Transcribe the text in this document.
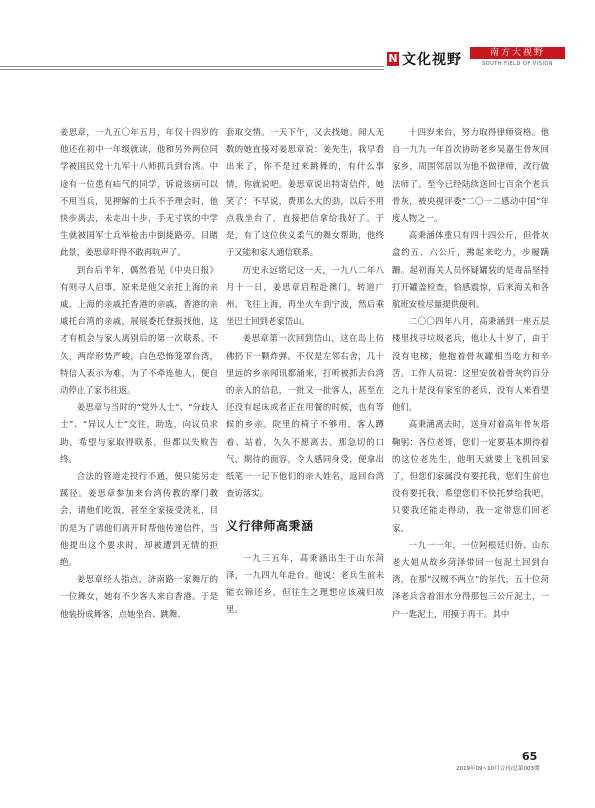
N 文化视野	南方大视野
SOUTH FIELD OF VISION

姜思章，一九五〇年五月，年仅十四岁的他还在初中一年级就读，他和另外两位同学被国民党十九军十八师抓兵到台湾。中途有一位患有疝气的同学，诉说该病可以不用当兵，见押解的士兵不予理会时，他快步离去，未走出十步，手无寸铁的中学生就被国军士兵举枪击中倒毙路旁。目睹此景，姜思章吓得不敢再吭声了。

到台后半年，偶然看见《中央日报》有则寻人启事，原来是他父亲托上海的亲戚，上海的亲戚托香港的亲戚，香港的亲戚托台湾的亲戚，展展委托登报找他，这才有机会与家人离别后的第一次联系。不久，两岸形势严峻，白色恐怖笼罩台湾，特信人表示为难，为了不牵连他人，便自动停止了家书往返。

姜思章与当时的“党外人士”、“分歧人士”、“异议人士”交往，助选，向议员求助，希望与家取得联系，但都以失败告终。

合法的管道走投行不通，便只能另走蹊径。姜思章参加来台湾传教的摩门教会，请他们吃饭，甚至全家接受洗礼，目的是为了请他们离开时帮他传递信件，当他提出这个要求时，却被遭到无情的拒绝。

姜思章经人指点，济南路一家舞厅的一位舞女，她有不少客人来自香港。于是他装扮成舞客，点她坐台、跳舞、

套取交情。一天下午，又去找她。闻人无数的她直接对姜思章说：姜先生，我早看出来了，你不是过来跳舞的，有什么事情，你就说吧。姜思章说出特寄信件，她笑了：不早说，费那么大的劲，以后不用点我坐台了，直接把信拿给我好了。于是，有了这位侠义柔气的舞女帮助，他终于又能和家人通信联系。

历史永远铭记这一天，一九八二年八月十一日，姜思章启程赴澳门，转道广州，飞往上海，再坐火车到宁波，然后乘坐巴士回到老家岱山。

姜思章第一次回到岱山，这在岛上仿佛扔下一颗炸弹。不仅是左邻右舍，几十里远的乡亲闻讯都涌来，打听被抓去台湾的亲人的信息，一批又一批客人，甚至在还没有起床或者正在用餐的时候，也有等候的乡亲。院里的椅子不够用，客人蹲着、站着，久久不愿离去。那急切的口气，期待的面容，令人感同身受，便拿出纸笔一一记下他们的亲人姓名，返回台湾查访落实。

义行律师高秉涵

一九三五年，高秉涵出生于山东菏泽，一九四九年赴台。他说：老兵生前未能衣锦还乡，但往生之理想应该魂归故里。

十四岁来台，努力取得律师资格。他自一九九一年首次协助老乡吴嘉生骨灰回家乡，周围邻居以为他不做律师，改行做法师了。至今已经陆续送回七百余个老兵骨灰，被央视评委“二〇一二感动中国”年度人物之一。

高秉涵体重只有四十四公斤，但骨灰盒约五、六公斤，拂起来吃力，步履蹒跚。起初海关人员怀疑罐装的是毒品坚持打开罐盖检查，恰感震惊，后来海关和各航班安检尽量提供便利。

二〇〇四年八月，高秉涵到一座五层楼里找寻垃圾老兵，他让人十岁了，由于没有电梯，他抱着骨灰罐相当吃力和辛苦。工作人员说：这里安放着骨灰约百分之九十是没有家室的老兵，没有人来看望他们。

高秉涵离去时，送身对着高年骨灰塔鞠躬：各位老哥，您们一定要基本期待着的这位老先生，他明天就要上飞机回家了，但您们家属没有要托我，您们生前也没有要托我，希望您们不快托梦给我吧，只要我还能走得动，我一定带您们回老家。

一九一一年，一位阿根廷归侨、山东老大姐从故乡菏泽带回一包泥土回到台湾，在那“汉贼不两立”的年代，五十位菏泽老兵含着泪水分得那包三公斤泥土，一户一匙泥土，用摸于再干。其中

65
2019年09~10月合刊/总第003期
